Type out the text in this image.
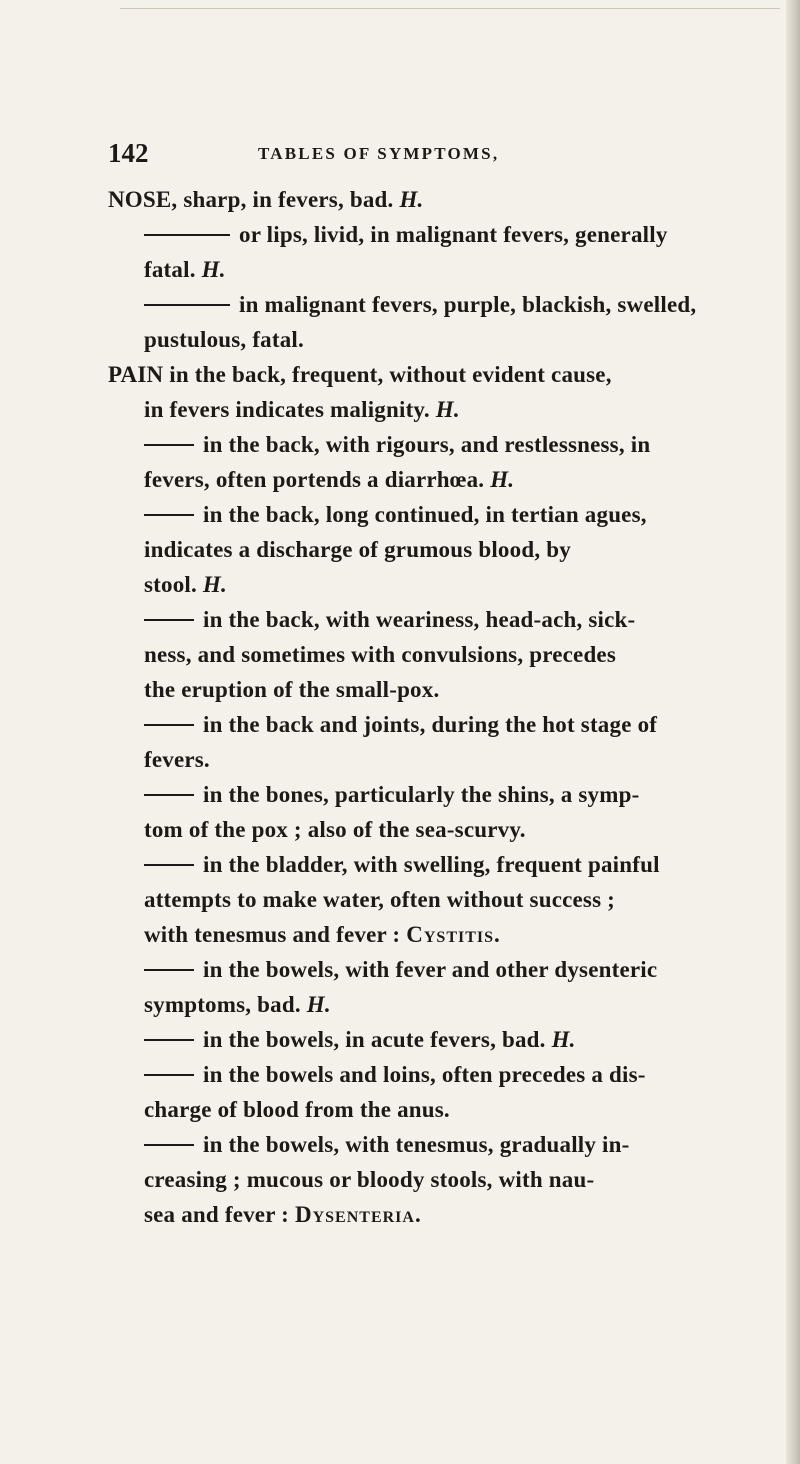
142	TABLES OF SYMPTOMS,
NOSE, sharp, in fevers, bad. H.
or lips, livid, in malignant fevers, generally
fatal. H.
in malignant fevers, purple, blackish, swelled,
pustulous, fatal.
PAIN in the back, frequent, without evident cause,
in fevers indicates malignity. H.
in the back, with rigours, and restlessness, in
fevers, often portends a diarrhœa. H.
in the back, long continued, in tertian agues,
indicates a discharge of grumous blood, by
stool. H.
in the back, with weariness, head-ach, sick-
ness, and sometimes with convulsions, precedes
the eruption of the small-pox.
in the back and joints, during the hot stage of
fevers.
in the bones, particularly the shins, a symp-
tom of the pox ; also of the sea-scurvy.
in the bladder, with swelling, frequent painful
attempts to make water, often without success ;
with tenesmus and fever : Cystitis.
in the bowels, with fever and other dysenteric
symptoms, bad. H.
in the bowels, in acute fevers, bad. H.
in the bowels and loins, often precedes a dis-
charge of blood from the anus.
in the bowels, with tenesmus, gradually in-
creasing ; mucous or bloody stools, with nau-
sea and fever : Dysenteria.
